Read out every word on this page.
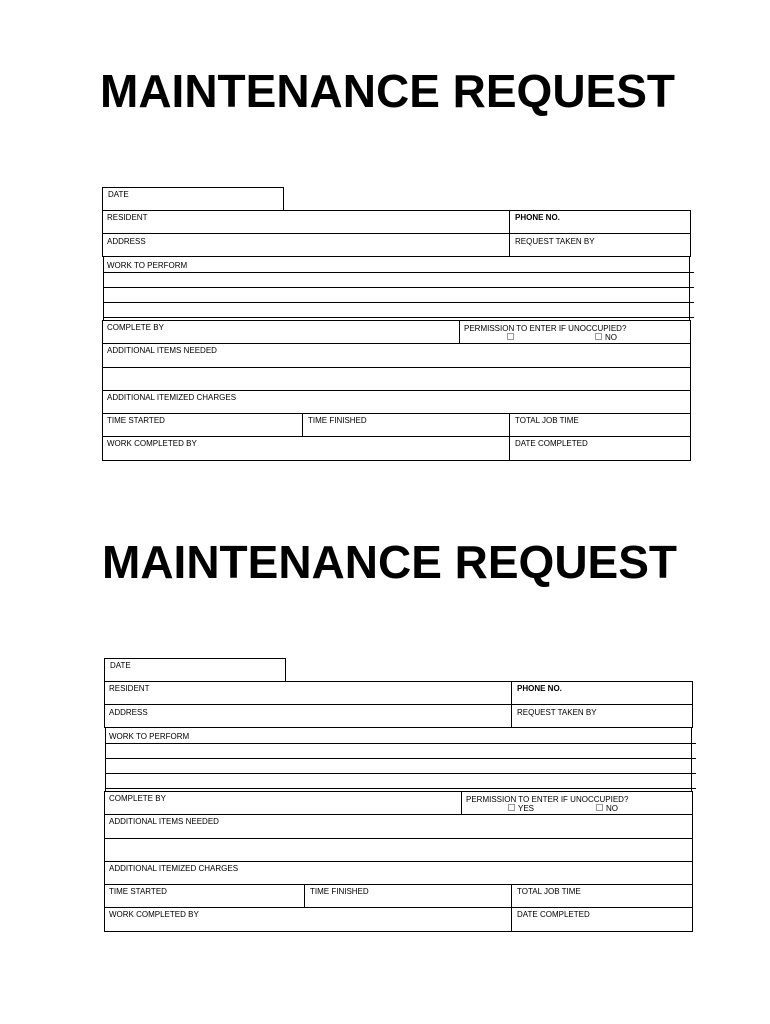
MAINTENANCE REQUEST
DATE
RESIDENT	PHONE NO.
ADDRESS	REQUEST TAKEN BY
WORK TO PERFORM
COMPLETE BY	PERMISSION TO ENTER IF UNOCCUPIED?
NO
ADDITIONAL ITEMS NEEDED
ADDITIONAL ITEMIZED CHARGES
TIME STARTED	TIME FINISHED	TOTAL JOB TIME
WORK COMPLETED BY	DATE COMPLETED
MAINTENANCE REQUEST
DATE
RESIDENT	PHONE NO.
ADDRESS	REQUEST TAKEN BY
WORK TO PERFORM
COMPLETE BY	PERMISSION TO ENTER IF UNOCCUPIED?
YES	NO
ADDITIONAL ITEMS NEEDED
ADDITIONAL ITEMIZED CHARGES
TIME STARTED	TIME FINISHED	TOTAL JOB TIME
WORK COMPLETED BY	DATE COMPLETED
